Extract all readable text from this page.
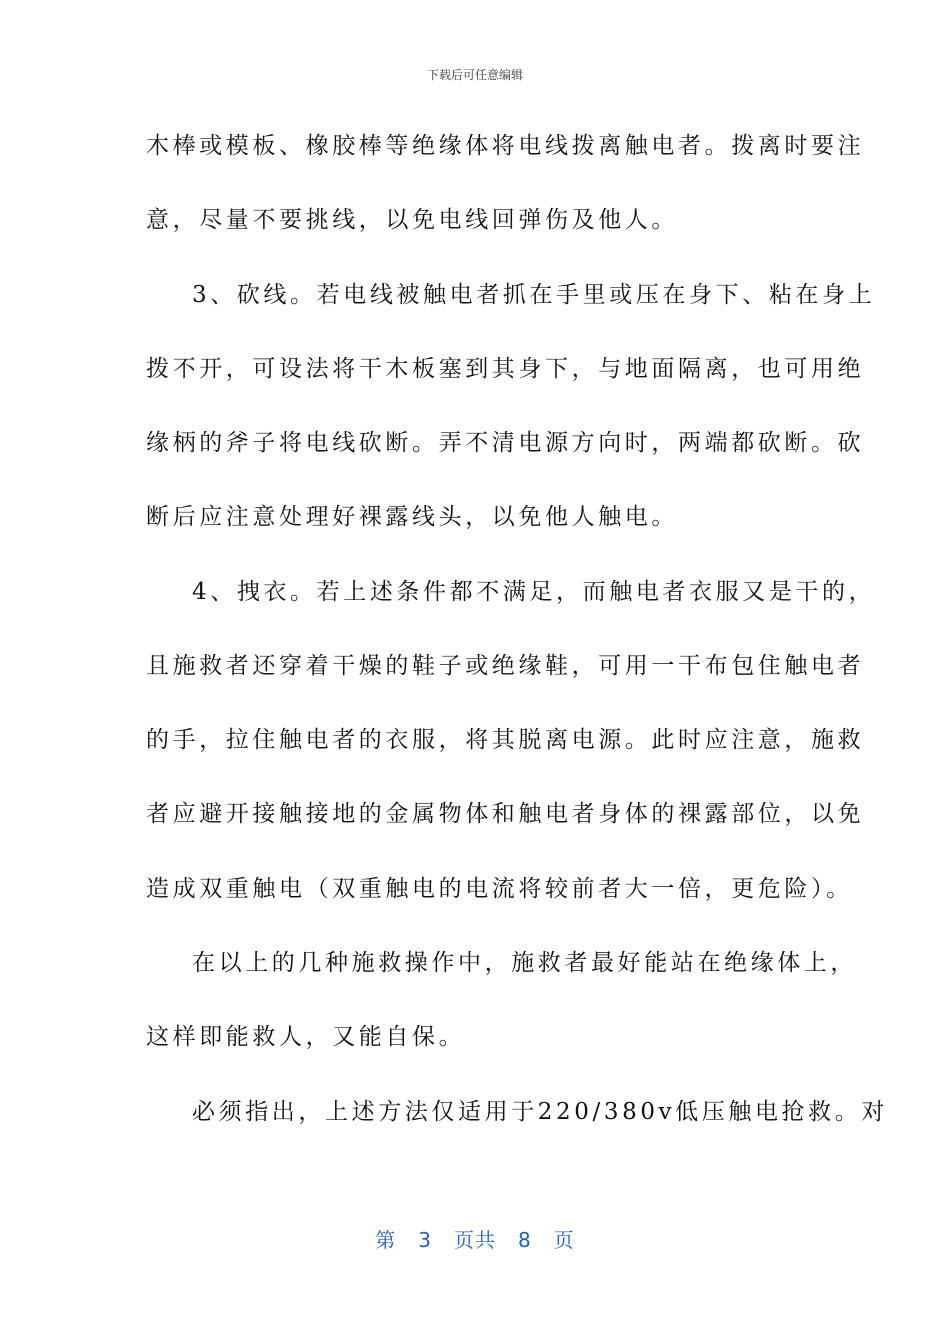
下载后可任意编辑
木棒或模板、橡胶棒等绝缘体将电线拨离触电者。拨离时要注
意，尽量不要挑线，以免电线回弹伤及他人。
3、砍线。若电线被触电者抓在手里或压在身下、粘在身上
拨不开，可设法将干木板塞到其身下，与地面隔离，也可用绝
缘柄的斧子将电线砍断。弄不清电源方向时，两端都砍断。砍
断后应注意处理好裸露线头，以免他人触电。
4、拽衣。若上述条件都不满足，而触电者衣服又是干的，
且施救者还穿着干燥的鞋子或绝缘鞋，可用一干布包住触电者
的手，拉住触电者的衣服，将其脱离电源。此时应注意，施救
者应避开接触接地的金属物体和触电者身体的裸露部位，以免
造成双重触电（双重触电的电流将较前者大一倍，更危险）。
在以上的几种施救操作中，施救者最好能站在绝缘体上，
这样即能救人，又能自保。
必须指出，上述方法仅适用于220/380v低压触电抢救。对
第 3 页共 8 页
